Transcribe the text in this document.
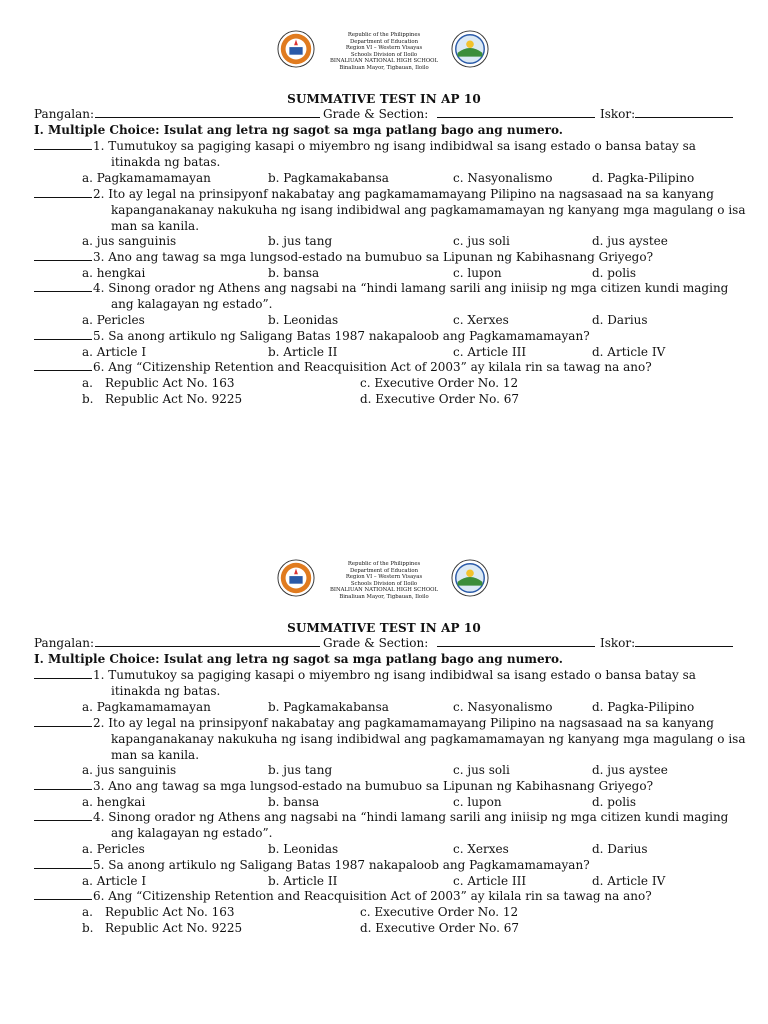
Republic of the Philippines
Department of Education
Region VI – Western Visayas
Schools Division of Iloilo
BINALIUAN NATIONAL HIGH SCHOOL
Binaliuan Mayor, Tigbauan, Iloilo
SUMMATIVE TEST IN AP 10
Pangalan:	Grade & Section:	Iskor:
I. Multiple Choice: Isulat ang letra ng sagot sa mga patlang bago ang numero.
1. Tumutukoy sa pagiging kasapi o miyembro ng isang indibidwal sa isang estado o bansa batay sa
itinakda ng batas.
a. Pagkamamamayan	b. Pagkamakabansa	c. Nasyonalismo	d. Pagka-Pilipino
2. Ito ay legal na prinsipyonf nakabatay ang pagkamamamayang Pilipino na nagsasaad na sa kanyang
kapanganakanay nakukuha ng isang indibidwal ang pagkamamamayan ng kanyang mga magulang o isa
man sa kanila.
a. jus sanguinis	b. jus tang	c. jus soli	d. jus aystee
3. Ano ang tawag sa mga lungsod-estado na bumubuo sa Lipunan ng Kabihasnang Griyego?
a. hengkai	b. bansa	c. lupon	d. polis
4. Sinong orador ng Athens ang nagsabi na “hindi lamang sarili ang iniisip ng mga citizen kundi maging
ang kalagayan ng estado”.
a. Pericles	b. Leonidas	c. Xerxes	d. Darius
5. Sa anong artikulo ng Saligang Batas 1987 nakapaloob ang Pagkamamamayan?
a. Article I	b. Article II	c. Article III	d. Article IV
6. Ang “Citizenship Retention and Reacquisition Act of 2003” ay kilala rin sa tawag na ano?
a. Republic Act No. 163	c. Executive Order No. 12
b. Republic Act No. 9225	d. Executive Order No. 67
Republic of the Philippines
Department of Education
Region VI – Western Visayas
Schools Division of Iloilo
BINALIUAN NATIONAL HIGH SCHOOL
Binaliuan Mayor, Tigbauan, Iloilo
SUMMATIVE TEST IN AP 10
Pangalan:	Grade & Section:	Iskor:
I. Multiple Choice: Isulat ang letra ng sagot sa mga patlang bago ang numero.
1. Tumutukoy sa pagiging kasapi o miyembro ng isang indibidwal sa isang estado o bansa batay sa
itinakda ng batas.
a. Pagkamamamayan	b. Pagkamakabansa	c. Nasyonalismo	d. Pagka-Pilipino
2. Ito ay legal na prinsipyonf nakabatay ang pagkamamamayang Pilipino na nagsasaad na sa kanyang
kapanganakanay nakukuha ng isang indibidwal ang pagkamamamayan ng kanyang mga magulang o isa
man sa kanila.
a. jus sanguinis	b. jus tang	c. jus soli	d. jus aystee
3. Ano ang tawag sa mga lungsod-estado na bumubuo sa Lipunan ng Kabihasnang Griyego?
a. hengkai	b. bansa	c. lupon	d. polis
4. Sinong orador ng Athens ang nagsabi na “hindi lamang sarili ang iniisip ng mga citizen kundi maging
ang kalagayan ng estado”.
a. Pericles	b. Leonidas	c. Xerxes	d. Darius
5. Sa anong artikulo ng Saligang Batas 1987 nakapaloob ang Pagkamamamayan?
a. Article I	b. Article II	c. Article III	d. Article IV
6. Ang “Citizenship Retention and Reacquisition Act of 2003” ay kilala rin sa tawag na ano?
a. Republic Act No. 163	c. Executive Order No. 12
b. Republic Act No. 9225	d. Executive Order No. 67
